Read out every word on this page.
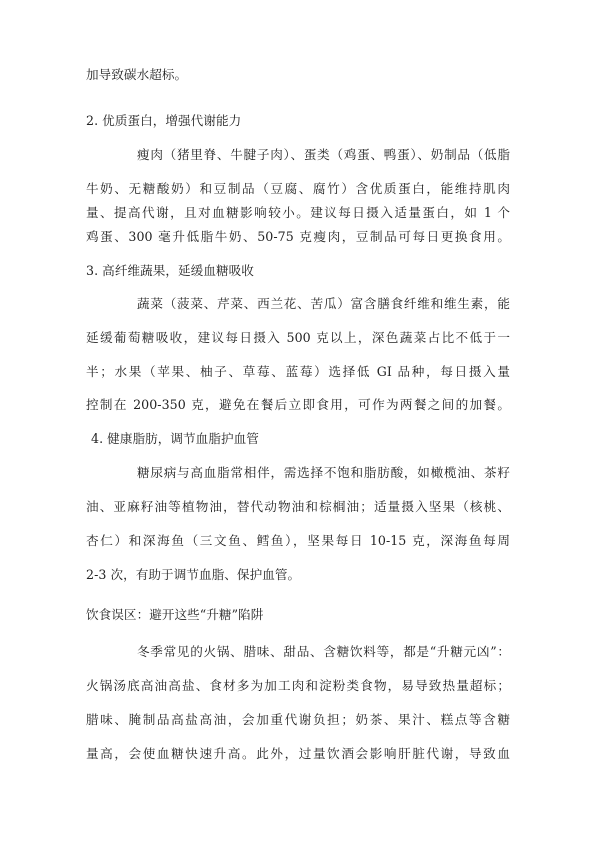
加导致碳水超标。
2. 优质蛋白，增强代谢能力
瘦肉（猪里脊、牛腱子肉）、蛋类（鸡蛋、鸭蛋）、奶制品（低脂
牛奶、无糖酸奶）和豆制品（豆腐、腐竹）含优质蛋白，能维持肌肉
量、提高代谢，且对血糖影响较小。建议每日摄入适量蛋白，如 1 个
鸡蛋、300 毫升低脂牛奶、50-75 克瘦肉，豆制品可每日更换食用。
3. 高纤维蔬果，延缓血糖吸收
蔬菜（菠菜、芹菜、西兰花、苦瓜）富含膳食纤维和维生素，能
延缓葡萄糖吸收，建议每日摄入 500 克以上，深色蔬菜占比不低于一
半；水果（苹果、柚子、草莓、蓝莓）选择低 GI 品种，每日摄入量
控制在 200-350 克，避免在餐后立即食用，可作为两餐之间的加餐。
4. 健康脂肪，调节血脂护血管
糖尿病与高血脂常相伴，需选择不饱和脂肪酸，如橄榄油、茶籽
油、亚麻籽油等植物油，替代动物油和棕榈油；适量摄入坚果（核桃、
杏仁）和深海鱼（三文鱼、鳕鱼），坚果每日 10-15 克，深海鱼每周
2-3 次，有助于调节血脂、保护血管。
饮食误区：避开这些“升糖”陷阱
冬季常见的火锅、腊味、甜品、含糖饮料等，都是“升糖元凶”：
火锅汤底高油高盐、食材多为加工肉和淀粉类食物，易导致热量超标；
腊味、腌制品高盐高油，会加重代谢负担；奶茶、果汁、糕点等含糖
量高，会使血糖快速升高。此外，过量饮酒会影响肝脏代谢，导致血
